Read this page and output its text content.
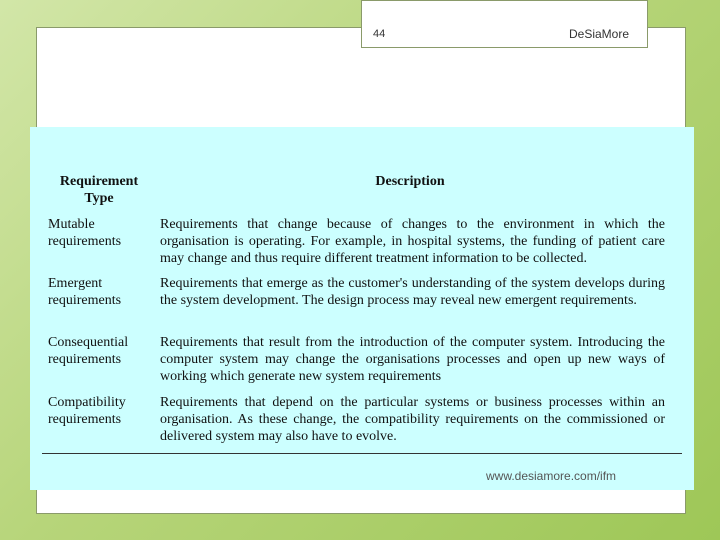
44	DeSiaMore
Requirement Type
Description
Mutable requirements
Requirements that change because of changes to the environment in which the organisation is operating. For example, in hospital systems, the funding of patient care may change and thus require different treatment information to be collected.
Emergent requirements
Requirements that emerge as the customer's understanding of the system develops during the system development. The design process may reveal new emergent requirements.
Consequential requirements
Requirements that result from the introduction of the computer system. Introducing the computer system may change the organisations processes and open up new ways of working which generate new system requirements
Compatibility requirements
Requirements that depend on the particular systems or business processes within an organisation. As these change, the compatibility requirements on the commissioned or delivered system may also have to evolve.
www.desiamore.com/ifm
